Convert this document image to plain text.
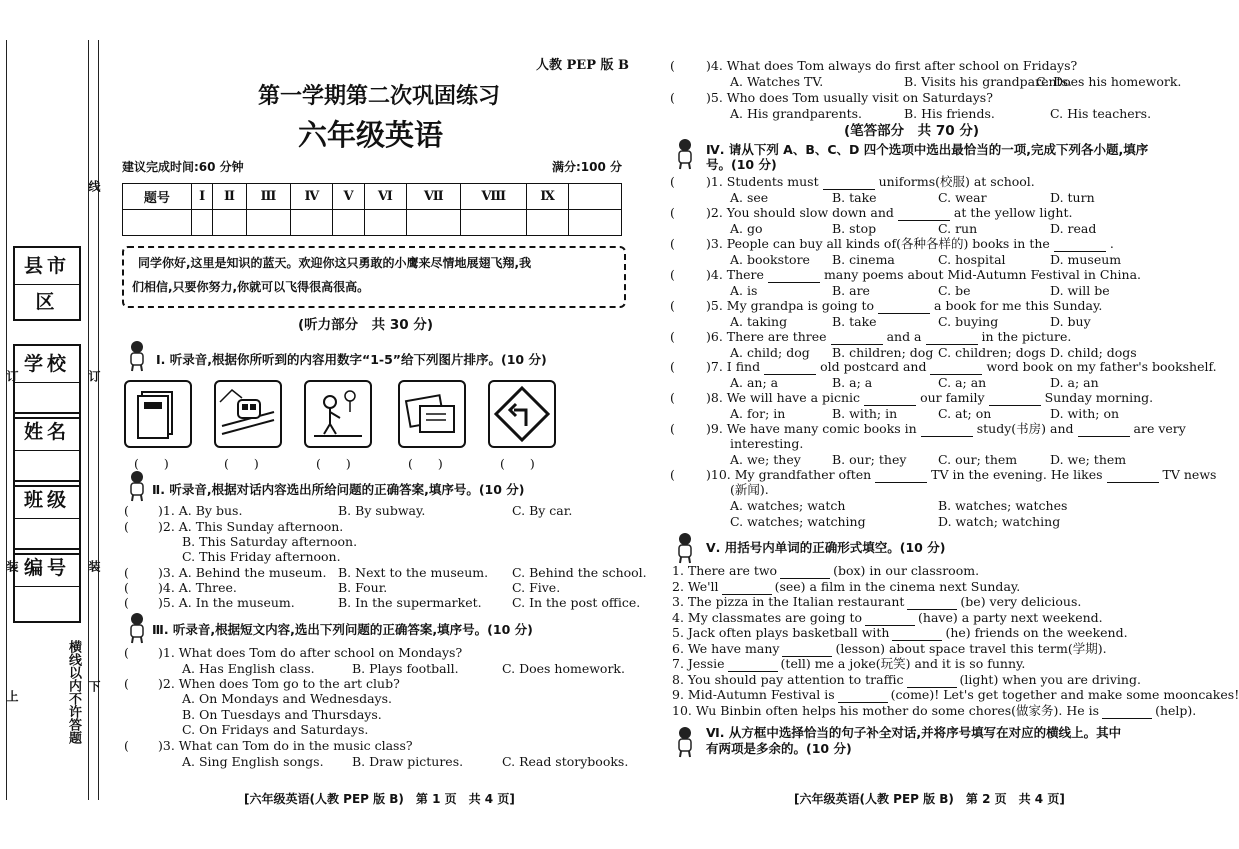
县市区
学校
姓名
班级
编号
横线以内不许答题
线
订	订
装	装
上
下
人教 PEP 版 B
第一学期第二次巩固练习
六年级英语
建议完成时间:60 分钟	满分:100 分
题号	Ⅰ	Ⅱ	Ⅲ	Ⅳ	Ⅴ	Ⅵ	Ⅶ	Ⅷ	Ⅸ	

同学你好,这里是知识的蓝天。欢迎你这只勇敢的小鹰来尽情地展翅飞翔,我
们相信,只要你努力,你就可以飞得很高很高。
(听力部分　共 30 分)
Ⅰ. 听录音,根据你所听到的内容用数字“1-5”给下列图片排序。(10 分)
(　　)	(　　)	(　　)	(　　)	(　　)
Ⅱ. 听录音,根据对话内容选出所给问题的正确答案,填序号。(10 分)
( )1. A. By bus.	B. By subway.	C. By car.
( )2. A. This Sunday afternoon.
B. This Saturday afternoon.
C. This Friday afternoon.
( )3. A. Behind the museum. B. Next to the museum. C. Behind the school.
( )4. A. Three.	B. Four.	C. Five.
( )5. A. In the museum.	B. In the supermarket. C. In the post office.
Ⅲ. 听录音,根据短文内容,选出下列问题的正确答案,填序号。(10 分)
( )1. What does Tom do after school on Mondays?
A. Has English class.	B. Plays football.	C. Does homework.
( )2. When does Tom go to the art club?
A. On Mondays and Wednesdays.
B. On Tuesdays and Thursdays.
C. On Fridays and Saturdays.
( )3. What can Tom do in the music class?
A. Sing English songs. B. Draw pictures.	C. Read storybooks.
[六年级英语(人教 PEP 版 B)　第 1 页　共 4 页]
( )4. What does Tom always do first after school on Fridays?
A. Watches TV.	B. Visits his grandparents.
C. Does his homework.
( )5. Who does Tom usually visit on Saturdays?
A. His grandparents.	B. His friends.	C. His teachers.
(笔答部分　共 70 分)
Ⅳ. 请从下列 A、B、C、D 四个选项中选出最恰当的一项,完成下列各小题,填序
号。(10 分)
( )1. Students must	uniforms(校服) at school.
A. see	B. take	C. wear	D. turn
( )2. You should slow down and	at the yellow light.
A. go	B. stop	C. run	D. read
( )3. People can buy all kinds of(各种各样的) books in the	.
A. bookstore B. cinema	C. hospital	D. museum
( )4. There	many poems about Mid-Autumn Festival in China.
A. is	B. are	C. be	D. will be
( )5. My grandpa is going to	a book for me this Sunday.
A. taking	B. take	C. buying	D. buy
( )6. There are three	and a	in the picture.
A. child; dog B. children; dog C. children; dogs D. child; dogs
( )7. I find	old postcard and	word book on my father's bookshelf.
A. an; a	B. a; a	C. a; an	D. a; an
( )8. We will have a picnic	our family	Sunday morning.
A. for; in	B. with; in	C. at; on	D. with; on
( )9. We have many comic books in	study(书房) and	are very
interesting.
A. we; they B. our; they	C. our; them	D. we; them
( )10. My grandfather often	TV in the evening. He likes	TV news
(新闻).
A. watches; watch	B. watches; watches
C. watches; watching	D. watch; watching
Ⅴ. 用括号内单词的正确形式填空。(10 分)
1. There are two	(box) in our classroom.
2. We'll	(see) a film in the cinema next Sunday.
3. The pizza in the Italian restaurant	(be) very delicious.
4. My classmates are going to	(have) a party next weekend.
5. Jack often plays basketball with	(he) friends on the weekend.
6. We have many	(lesson) about space travel this term(学期).
7. Jessie	(tell) me a joke(玩笑) and it is so funny.
8. You should pay attention to traffic	(light) when you are driving.
9. Mid-Autumn Festival is	(come)! Let's get together and make some mooncakes!
10. Wu Binbin often helps his mother do some chores(做家务). He is	(help).
Ⅵ. 从方框中选择恰当的句子补全对话,并将序号填写在对应的横线上。其中
有两项是多余的。(10 分)
[六年级英语(人教 PEP 版 B)　第 2 页　共 4 页]
